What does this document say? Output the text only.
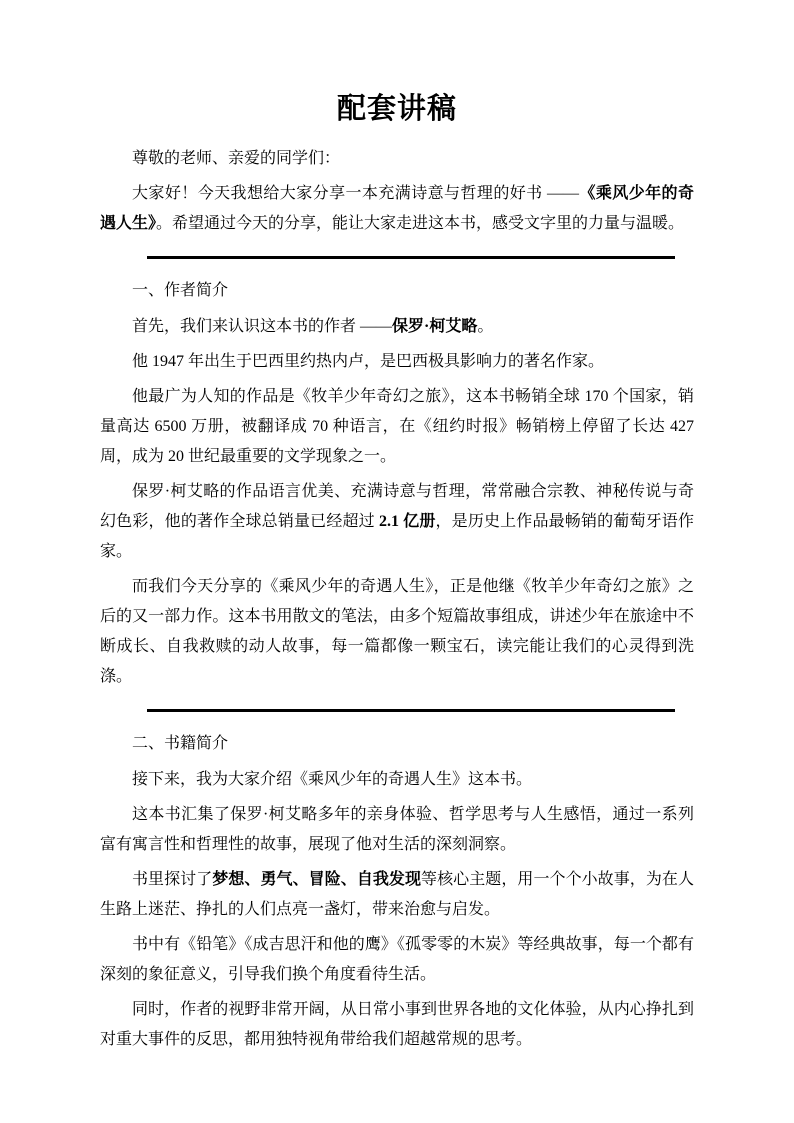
配套讲稿

尊敬的老师、亲爱的同学们：

大家好！今天我想给大家分享一本充满诗意与哲理的好书 ——《乘风少年的奇遇人生》。希望通过今天的分享，能让大家走进这本书，感受文字里的力量与温暖。

一、作者简介

首先，我们来认识这本书的作者 ——保罗·柯艾略。

他 1947 年出生于巴西里约热内卢，是巴西极具影响力的著名作家。

他最广为人知的作品是《牧羊少年奇幻之旅》，这本书畅销全球 170 个国家，销量高达 6500 万册，被翻译成 70 种语言，在《纽约时报》畅销榜上停留了长达 427 周，成为 20 世纪最重要的文学现象之一。

保罗·柯艾略的作品语言优美、充满诗意与哲理，常常融合宗教、神秘传说与奇幻色彩，他的著作全球总销量已经超过 2.1 亿册，是历史上作品最畅销的葡萄牙语作家。

而我们今天分享的《乘风少年的奇遇人生》，正是他继《牧羊少年奇幻之旅》之后的又一部力作。这本书用散文的笔法，由多个短篇故事组成，讲述少年在旅途中不断成长、自我救赎的动人故事，每一篇都像一颗宝石，读完能让我们的心灵得到洗涤。

二、书籍简介

接下来，我为大家介绍《乘风少年的奇遇人生》这本书。

这本书汇集了保罗·柯艾略多年的亲身体验、哲学思考与人生感悟，通过一系列富有寓言性和哲理性的故事，展现了他对生活的深刻洞察。

书里探讨了梦想、勇气、冒险、自我发现等核心主题，用一个个小故事，为在人生路上迷茫、挣扎的人们点亮一盏灯，带来治愈与启发。

书中有《铅笔》《成吉思汗和他的鹰》《孤零零的木炭》等经典故事，每一个都有深刻的象征意义，引导我们换个角度看待生活。

同时，作者的视野非常开阔，从日常小事到世界各地的文化体验，从内心挣扎到对重大事件的反思，都用独特视角带给我们超越常规的思考。
